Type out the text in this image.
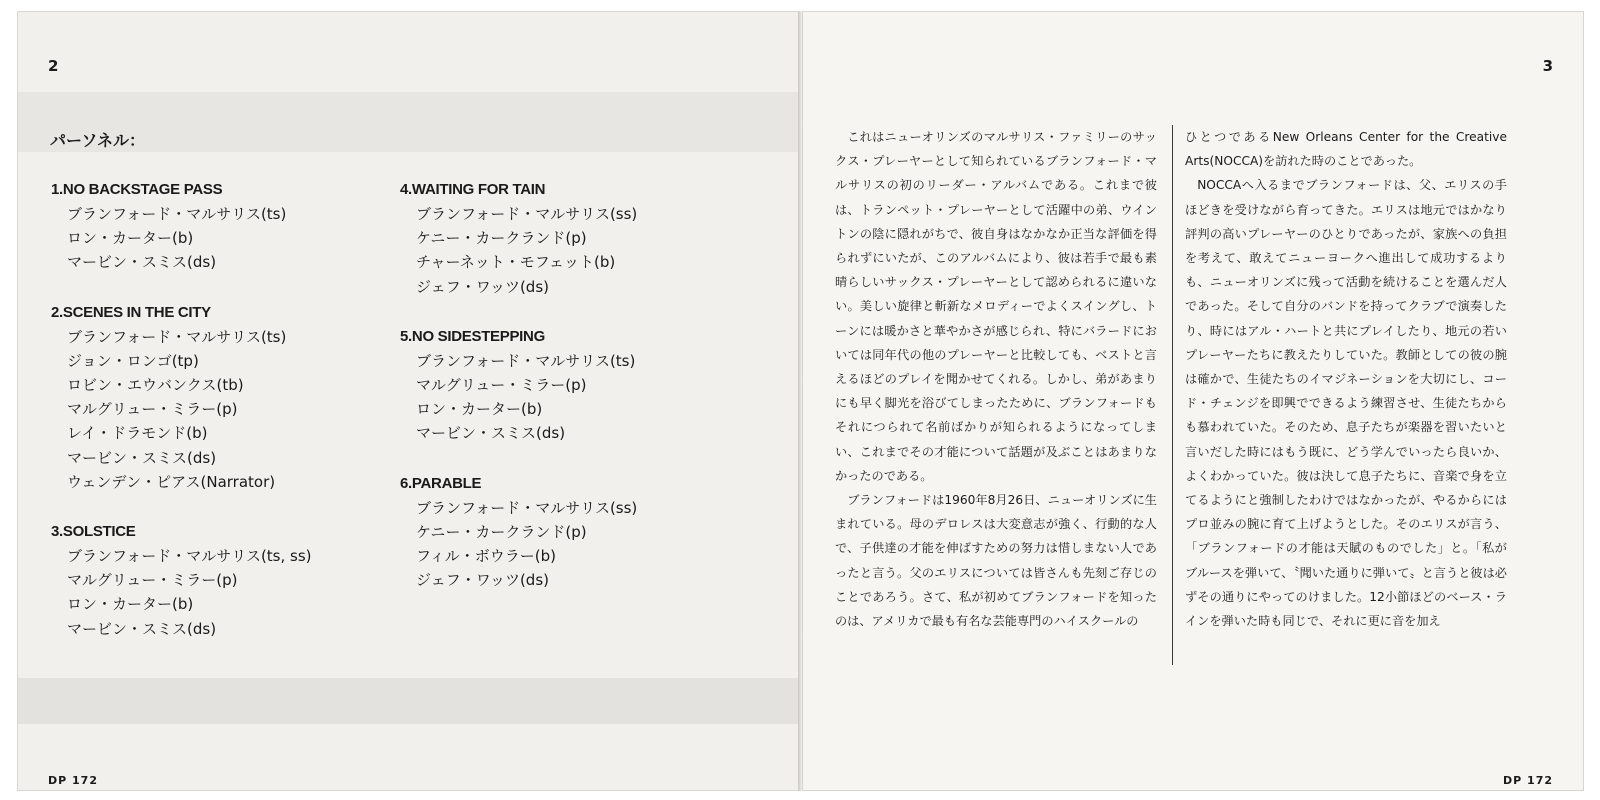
2
DP 172
3
DP 172
パーソネル：
1.NO BACKSTAGE PASS
ブランフォード・マルサリス(ts)
ロン・カーター(b)
マービン・スミス(ds)
2.SCENES IN THE CITY
ブランフォード・マルサリス(ts)
ジョン・ロンゴ(tp)
ロビン・エウバンクス(tb)
マルグリュー・ミラー(p)
レイ・ドラモンド(b)
マービン・スミス(ds)
ウェンデン・ピアス(Narrator)
3.SOLSTICE
ブランフォード・マルサリス(ts, ss)
マルグリュー・ミラー(p)
ロン・カーター(b)
マービン・スミス(ds)
4.WAITING FOR TAIN
ブランフォード・マルサリス(ss)
ケニー・カークランド(p)
チャーネット・モフェット(b)
ジェフ・ワッツ(ds)
5.NO SIDESTEPPING
ブランフォード・マルサリス(ts)
マルグリュー・ミラー(p)
ロン・カーター(b)
マービン・スミス(ds)
6.PARABLE
ブランフォード・マルサリス(ss)
ケニー・カークランド(p)
フィル・ボウラー(b)
ジェフ・ワッツ(ds)

これはニューオリンズのマルサリス・ファミリーのサックス・プレーヤーとして知られているブランフォード・マルサリスの初のリーダー・アルバムである。これまで彼は、トランペット・プレーヤーとして活躍中の弟、ウイントンの陰に隠れがちで、彼自身はなかなか正当な評価を得られずにいたが、このアルバムにより、彼は若手で最も素晴らしいサックス・プレーヤーとして認められるに違いない。美しい旋律と斬新なメロディーでよくスイングし、トーンには暖かさと華やかさが感じられ、特にバラードにおいては同年代の他のプレーヤーと比較しても、ベストと言えるほどのプレイを聞かせてくれる。しかし、弟があまりにも早く脚光を浴びてしまったために、ブランフォードもそれにつられて名前ばかりが知られるようになってしまい、これまでその才能について話題が及ぶことはあまりなかったのである。

ブランフォードは1960年8月26日、ニューオリンズに生まれている。母のデロレスは大変意志が強く、行動的な人で、子供達の才能を伸ばすための努力は惜しまない人であったと言う。父のエリスについては皆さんも先刻ご存じのことであろう。さて、私が初めてブランフォードを知ったのは、アメリカで最も有名な芸能専門のハイスクールの

ひとつであるNew Orleans Center for the Creative Arts(NOCCA)を訪れた時のことであった。

NOCCAへ入るまでブランフォードは、父、エリスの手ほどきを受けながら育ってきた。エリスは地元ではかなり評判の高いプレーヤーのひとりであったが、家族への負担を考えて、敢えてニューヨークへ進出して成功するよりも、ニューオリンズに残って活動を続けることを選んだ人であった。そして自分のバンドを持ってクラブで演奏したり、時にはアル・ハートと共にプレイしたり、地元の若いプレーヤーたちに教えたりしていた。教師としての彼の腕は確かで、生徒たちのイマジネーションを大切にし、コード・チェンジを即興でできるよう練習させ、生徒たちからも慕われていた。そのため、息子たちが楽器を習いたいと言いだした時にはもう既に、どう学んでいったら良いか、よくわかっていた。彼は決して息子たちに、音楽で身を立てるようにと強制したわけではなかったが、やるからにはプロ並みの腕に育て上げようとした。そのエリスが言う、「ブランフォードの才能は天賦のものでした」と。「私がブルースを弾いて、〝聞いた通りに弾いて〟と言うと彼は必ずその通りにやってのけました。12小節ほどのベース・ラインを弾いた時も同じで、それに更に音を加え
